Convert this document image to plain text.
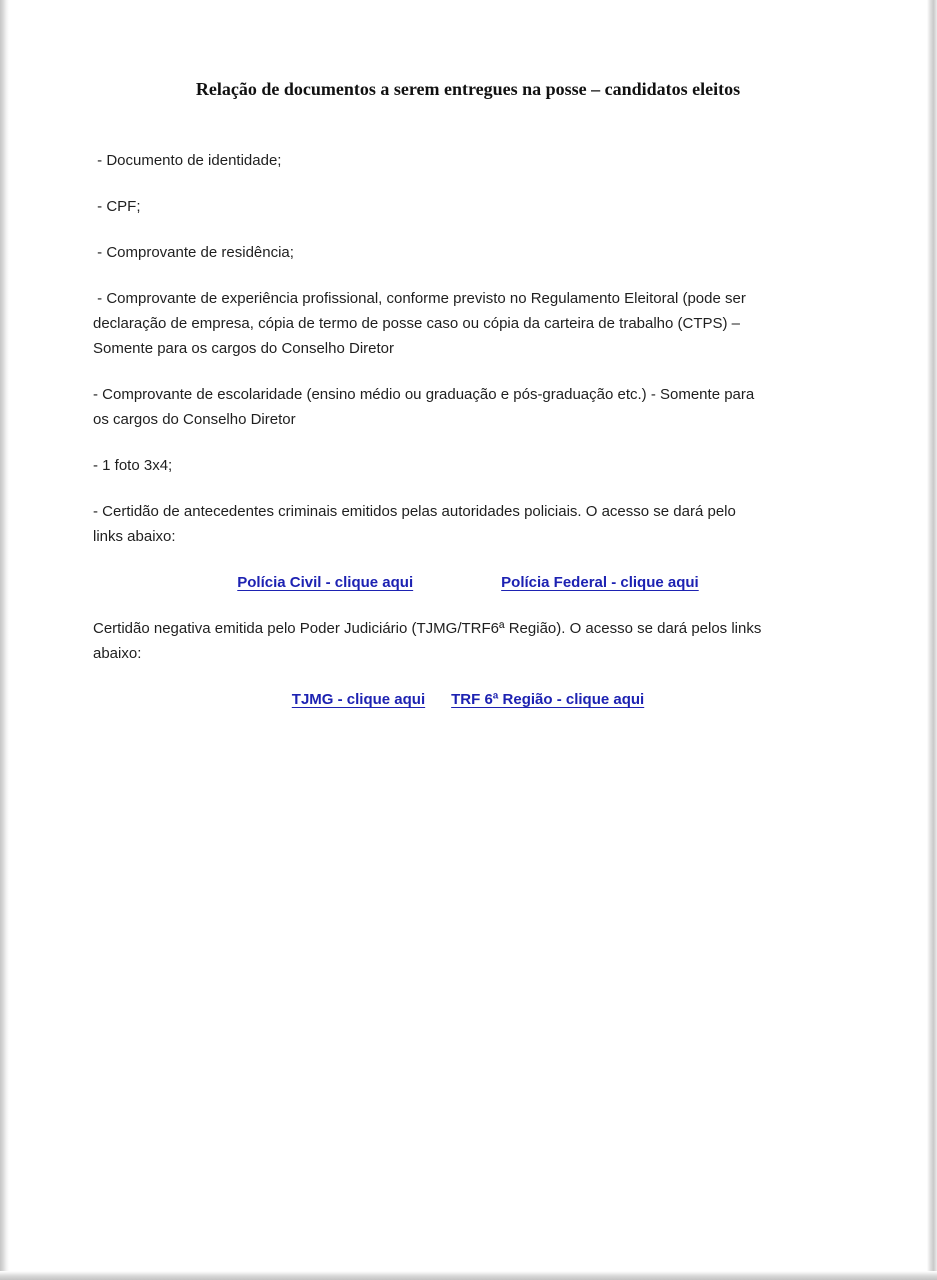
Relação de documentos a serem entregues na posse – candidatos eleitos

- Documento de identidade;

- CPF;

- Comprovante de residência;

- Comprovante de experiência profissional, conforme previsto no Regulamento Eleitoral (pode ser
declaração de empresa, cópia de termo de posse caso ou cópia da carteira de trabalho (CTPS) –
Somente para os cargos do Conselho Diretor

- Comprovante de escolaridade (ensino médio ou graduação e pós-graduação etc.) - Somente para
os cargos do Conselho Diretor

- 1 foto 3x4;

- Certidão de antecedentes criminais emitidos pelas autoridades policiais. O acesso se dará pelo
links abaixo:

Polícia Civil - clique aqui	Polícia Federal - clique aqui

Certidão negativa emitida pelo Poder Judiciário (TJMG/TRF6ª Região). O acesso se dará pelos links
abaixo:

TJMG - clique aqui TRF 6ª Região - clique aqui
